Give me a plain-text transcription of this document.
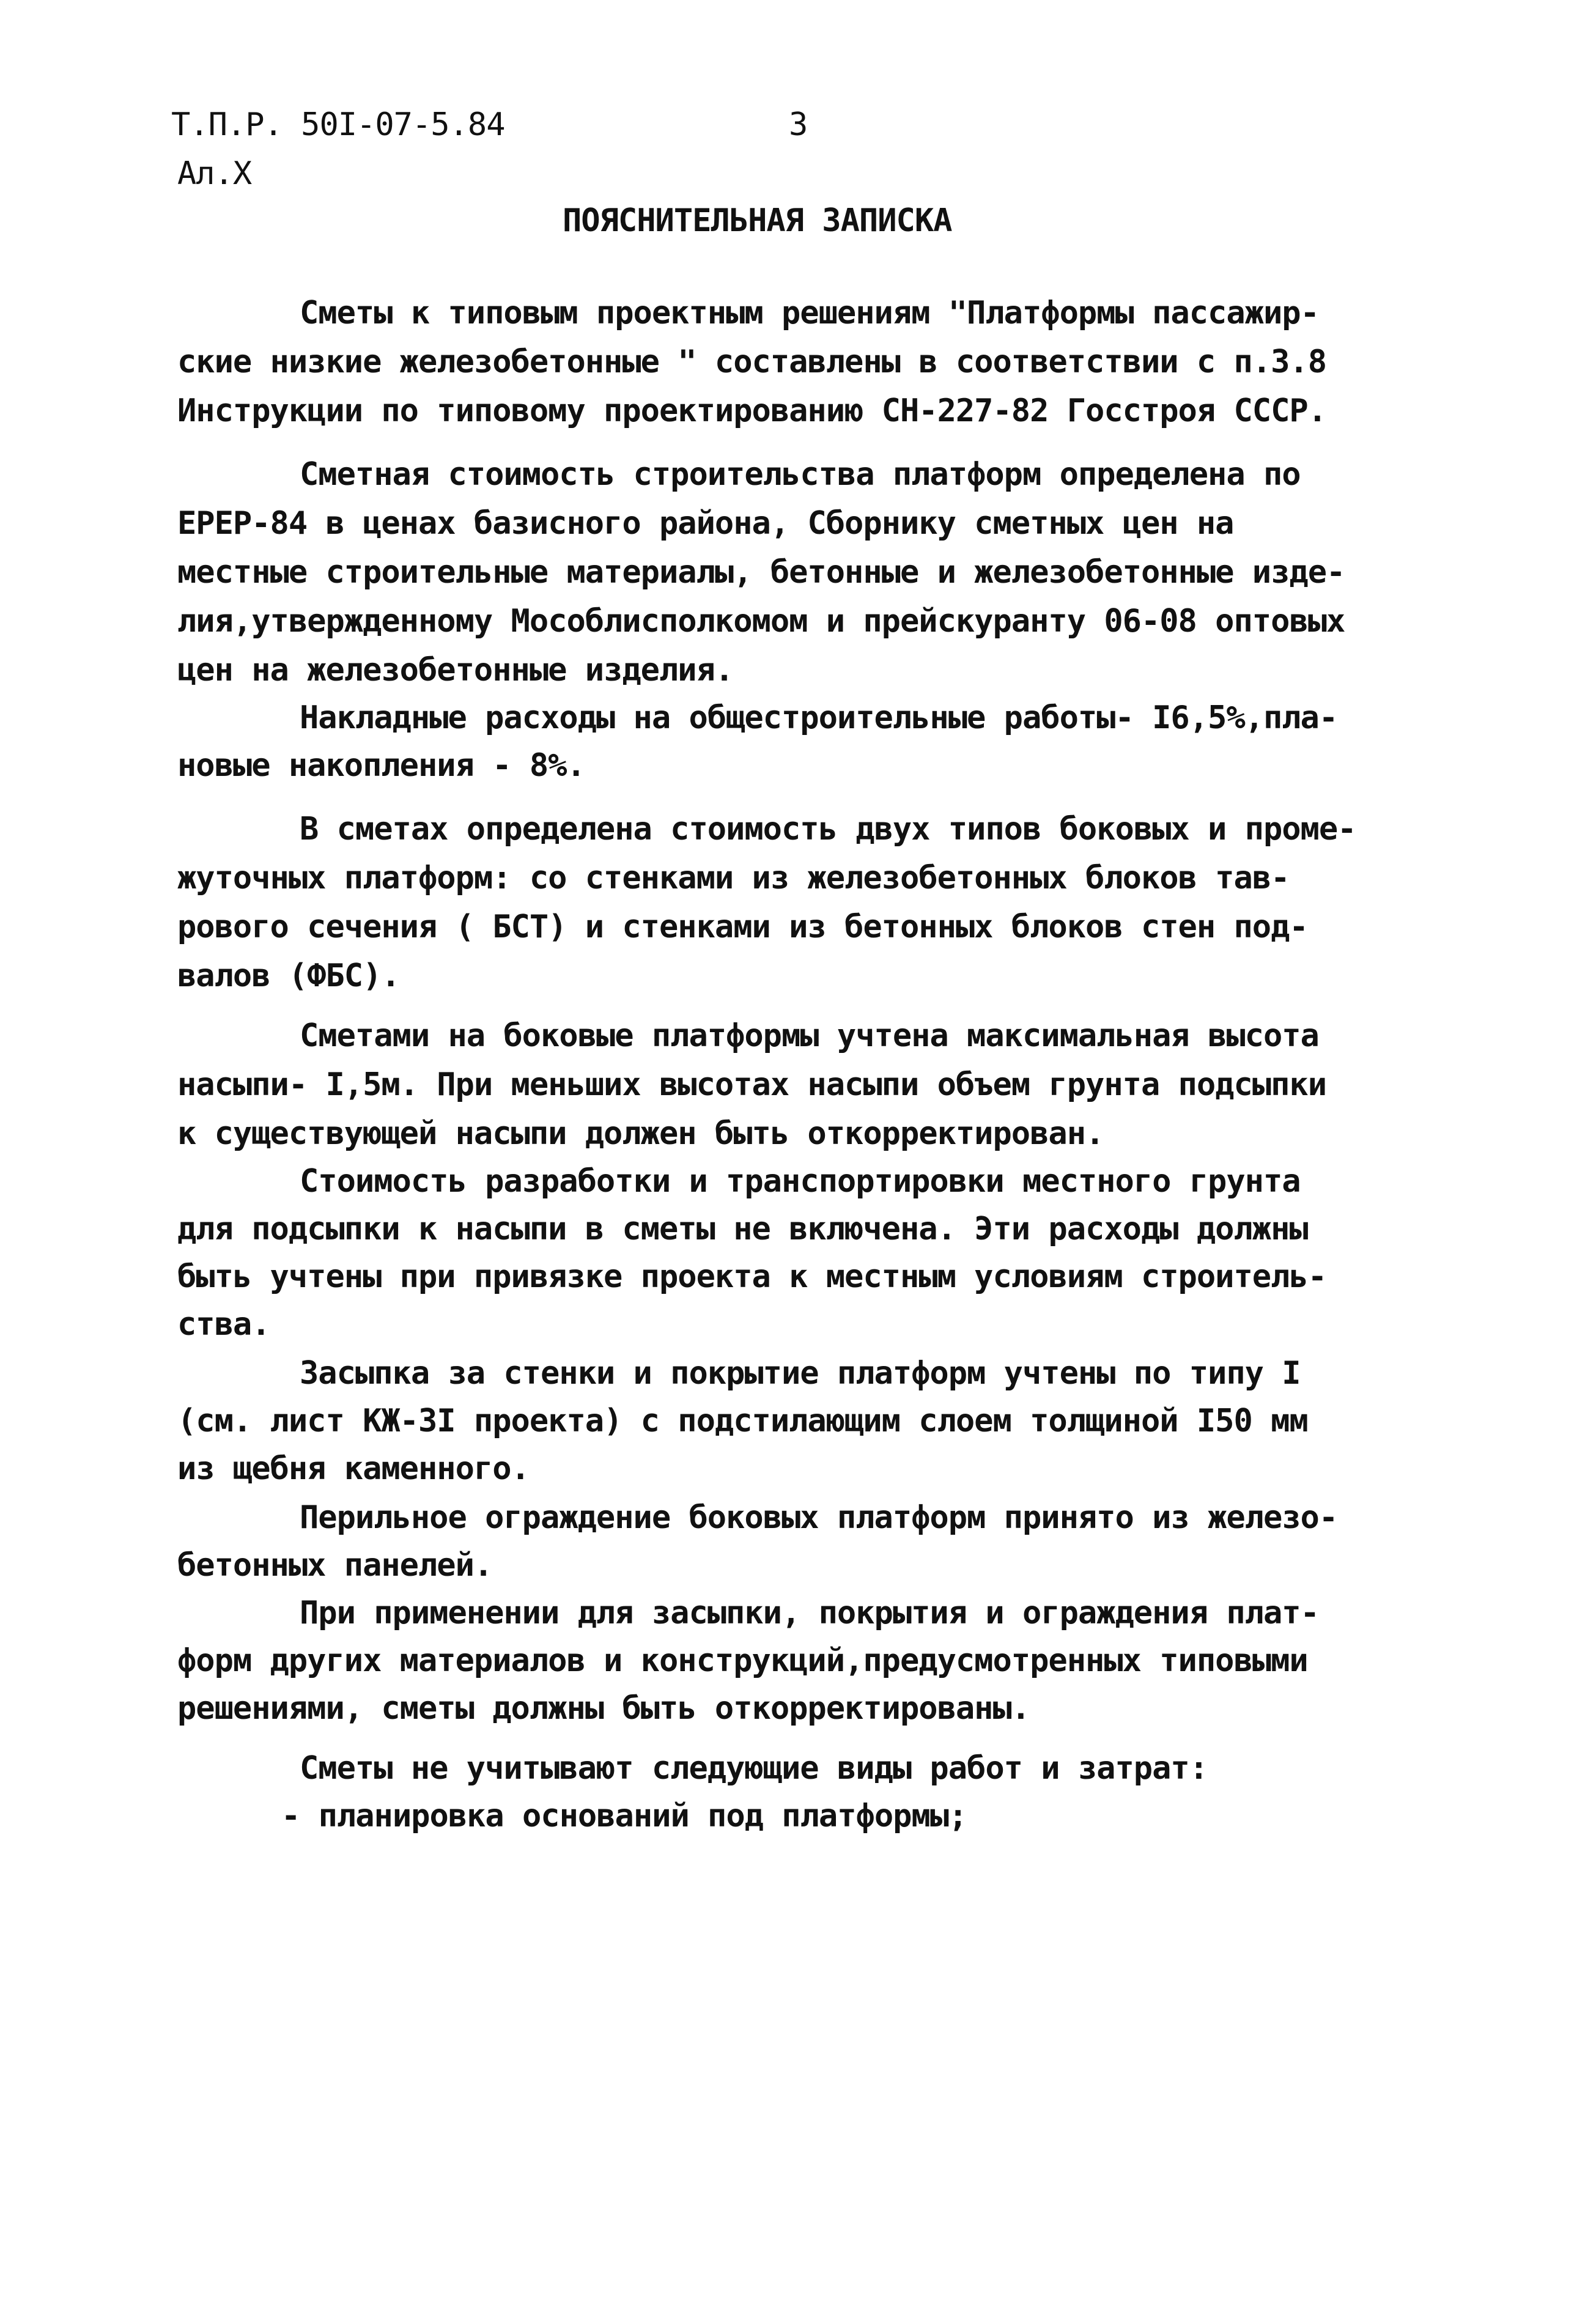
Т.П.Р. 50I-07-5.84	3
Ал.Х
ПОЯСНИТЕЛЬНАЯ ЗАПИСКА
Сметы к типовым проектным решениям "Платформы пассажир-
ские низкие железобетонные " составлены в соответствии с п.3.8
Инструкции по типовому проектированию СН-227-82 Госстроя СССР.
Сметная стоимость строительства платформ определена по
ЕРЕР-84 в ценах базисного района, Сборнику сметных цен на
местные строительные материалы, бетонные и железобетонные изде-
лия,утвержденному Мособлисполкомом и прейскуранту 06-08 оптовых
цен на железобетонные изделия.
Накладные расходы на общестроительные работы- I6,5%,пла-
новые накопления - 8%.
В сметах определена стоимость двух типов боковых и проме-
жуточных платформ: со стенками из железобетонных блоков тав-
рового сечения ( БСТ) и стенками из бетонных блоков стен под-
валов (ФБС).
Сметами на боковые платформы учтена максимальная высота
насыпи- I,5м. При меньших высотах насыпи объем грунта подсыпки
к существующей насыпи должен быть откорректирован.
Стоимость разработки и транспортировки местного грунта
для подсыпки к насыпи в сметы не включена. Эти расходы должны
быть учтены при привязке проекта к местным условиям строитель-
ства.
Засыпка за стенки и покрытие платформ учтены по типу I
(см. лист КЖ-3I проекта) с подстилающим слоем толщиной I50 мм
из щебня каменного.
Перильное ограждение боковых платформ принято из железо-
бетонных панелей.
При применении для засыпки, покрытия и ограждения плат-
форм других материалов и конструкций,предусмотренных типовыми
решениями, сметы должны быть откорректированы.
Сметы не учитывают следующие виды работ и затрат:
- планировка оснований под платформы;
